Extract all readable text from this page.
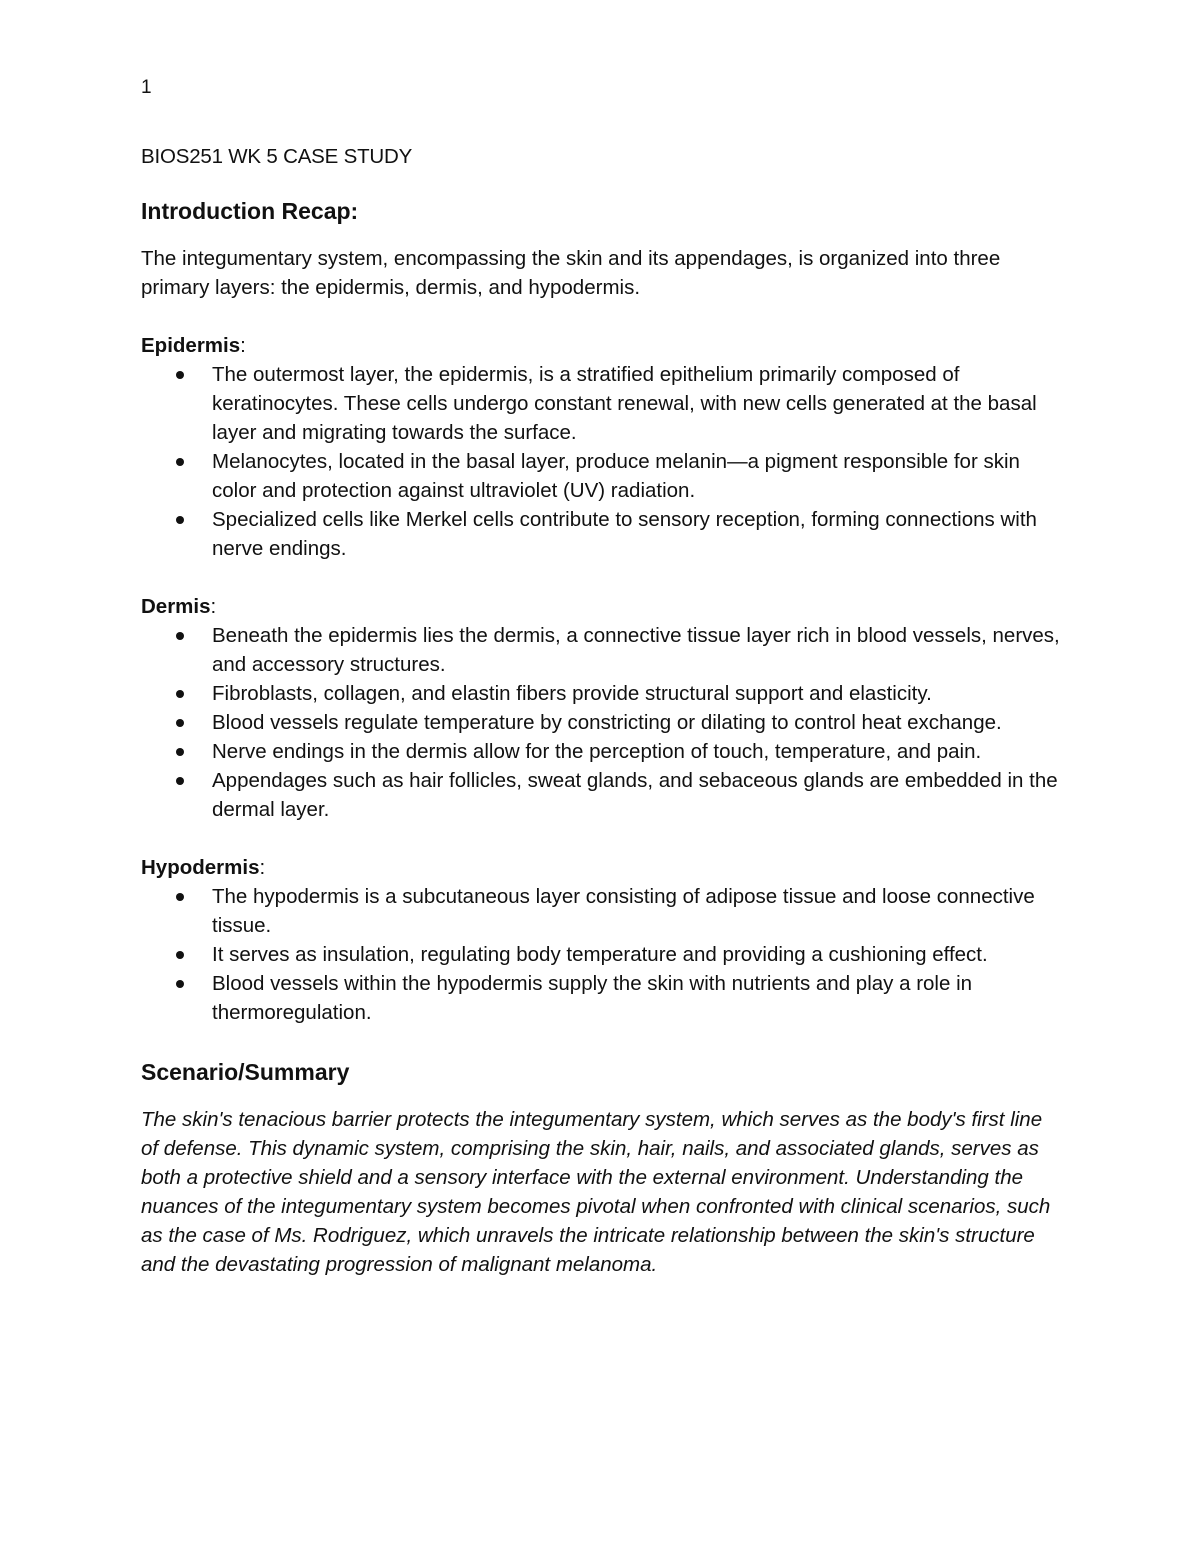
1
BIOS251 WK 5 CASE STUDY
Introduction Recap:

The integumentary system, encompassing the skin and its appendages, is organized into three primary layers: the epidermis, dermis, and hypodermis.

Epidermis:
The outermost layer, the epidermis, is a stratified epithelium primarily composed of keratinocytes. These cells undergo constant renewal, with new cells generated at the basal layer and migrating towards the surface.
Melanocytes, located in the basal layer, produce melanin—a pigment responsible for skin color and protection against ultraviolet (UV) radiation.
Specialized cells like Merkel cells contribute to sensory reception, forming connections with nerve endings.
Dermis:
Beneath the epidermis lies the dermis, a connective tissue layer rich in blood vessels, nerves, and accessory structures.
Fibroblasts, collagen, and elastin fibers provide structural support and elasticity.
Blood vessels regulate temperature by constricting or dilating to control heat exchange.
Nerve endings in the dermis allow for the perception of touch, temperature, and pain.
Appendages such as hair follicles, sweat glands, and sebaceous glands are embedded in the dermal layer.
Hypodermis:
The hypodermis is a subcutaneous layer consisting of adipose tissue and loose connective tissue.
It serves as insulation, regulating body temperature and providing a cushioning effect.
Blood vessels within the hypodermis supply the skin with nutrients and play a role in thermoregulation.
Scenario/Summary

The skin's tenacious barrier protects the integumentary system, which serves as the body's first line of defense. This dynamic system, comprising the skin, hair, nails, and associated glands, serves as both a protective shield and a sensory interface with the external environment. Understanding the nuances of the integumentary system becomes pivotal when confronted with clinical scenarios, such as the case of Ms. Rodriguez, which unravels the intricate relationship between the skin's structure and the devastating progression of malignant melanoma.
